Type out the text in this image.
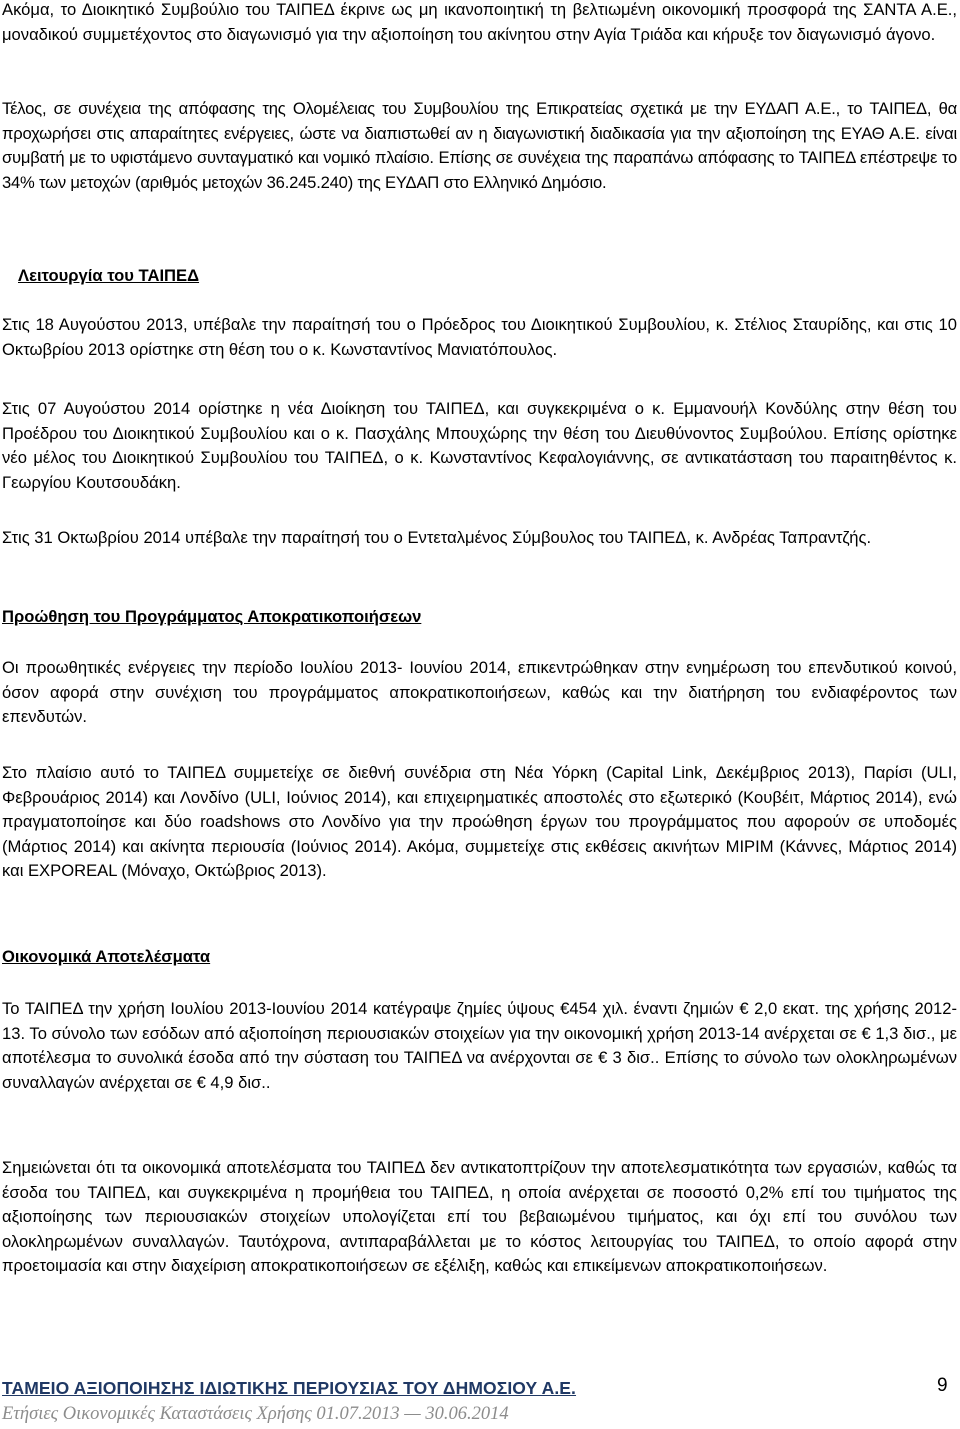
Ακόμα, το Διοικητικό Συμβούλιο του ΤΑΙΠΕΔ έκρινε ως μη ικανοποιητική τη βελτιωμένη οικονομική προσφορά της ΣΑΝΤΑ Α.Ε., μοναδικού συμμετέχοντος στο διαγωνισμό για την αξιοποίηση του ακίνητου στην Αγία Τριάδα και κήρυξε τον διαγωνισμό άγονο.

Τέλος, σε συνέχεια της απόφασης της Ολομέλειας του Συμβουλίου της Επικρατείας σχετικά με την ΕΥΔΑΠ Α.Ε., το ΤΑΙΠΕΔ, θα προχωρήσει στις απαραίτητες ενέργειες, ώστε να διαπιστωθεί αν η διαγωνιστική διαδικασία για την αξιοποίηση της ΕΥΑΘ Α.Ε. είναι συμβατή με το υφιστάμενο συνταγματικό και νομικό πλαίσιο. Επίσης σε συνέχεια της παραπάνω απόφασης το ΤΑΙΠΕΔ επέστρεψε το 34% των μετοχών (αριθμός μετοχών 36.245.240) της ΕΥΔΑΠ στο Ελληνικό Δημόσιο.

Λειτουργία του ΤΑΙΠΕΔ

Στις 18 Αυγούστου 2013, υπέβαλε την παραίτησή του ο Πρόεδρος του Διοικητικού Συμβουλίου, κ. Στέλιος Σταυρίδης, και στις 10 Οκτωβρίου 2013 ορίστηκε στη θέση του ο κ. Κωνσταντίνος Μανιατόπουλος.

Στις 07 Αυγούστου 2014 ορίστηκε η νέα Διοίκηση του ΤΑΙΠΕΔ, και συγκεκριμένα ο κ. Εμμανουήλ Κονδύλης στην θέση του Προέδρου του Διοικητικού Συμβουλίου και ο κ. Πασχάλης Μπουχώρης την θέση του Διευθύνοντος Συμβούλου. Επίσης ορίστηκε νέο μέλος του Διοικητικού Συμβουλίου του ΤΑΙΠΕΔ, ο κ. Κωνσταντίνος Κεφαλογιάννης, σε αντικατάσταση του παραιτηθέντος κ. Γεωργίου Κουτσουδάκη.

Στις 31 Οκτωβρίου 2014 υπέβαλε την παραίτησή του ο Εντεταλμένος Σύμβουλος του ΤΑΙΠΕΔ, κ. Ανδρέας Ταπραντζής.

Προώθηση του Προγράμματος Αποκρατικοποιήσεων

Οι προωθητικές ενέργειες την περίοδο Ιουλίου 2013- Ιουνίου 2014, επικεντρώθηκαν στην ενημέρωση του επενδυτικού κοινού, όσον αφορά στην συνέχιση του προγράμματος αποκρατικοποιήσεων, καθώς και την διατήρηση του ενδιαφέροντος των επενδυτών.

Στο πλαίσιο αυτό το ΤΑΙΠΕΔ συμμετείχε σε διεθνή συνέδρια στη Νέα Υόρκη (Capital Link, Δεκέμβριος 2013), Παρίσι (ULI, Φεβρουάριος 2014) και Λονδίνο (ULI, Ιούνιος 2014), και επιχειρηματικές αποστολές στο εξωτερικό (Κουβέιτ, Μάρτιος 2014), ενώ πραγματοποίησε και δύο roadshows στο Λονδίνο για την προώθηση έργων του προγράμματος που αφορούν σε υποδομές (Μάρτιος 2014) και ακίνητα περιουσία (Ιούνιος 2014). Ακόμα, συμμετείχε στις εκθέσεις ακινήτων MIPIM (Κάννες, Μάρτιος 2014) και EXPOREAL (Μόναχο, Οκτώβριος 2013).

Οικονομικά Αποτελέσματα

Το ΤΑΙΠΕΔ την χρήση Ιουλίου 2013-Ιουνίου 2014 κατέγραψε ζημίες ύψους €454 χιλ. έναντι ζημιών € 2,0 εκατ. της χρήσης 2012-13. Το σύνολο των εσόδων από αξιοποίηση περιουσιακών στοιχείων για την οικονομική χρήση 2013-14 ανέρχεται σε € 1,3 δισ., με αποτέλεσμα το συνολικά έσοδα από την σύσταση του ΤΑΙΠΕΔ να ανέρχονται σε € 3 δισ.. Επίσης το σύνολο των ολοκληρωμένων συναλλαγών ανέρχεται σε € 4,9 δισ..

Σημειώνεται ότι τα οικονομικά αποτελέσματα του ΤΑΙΠΕΔ δεν αντικατοπτρίζουν την αποτελεσματικότητα των εργασιών, καθώς τα έσοδα του ΤΑΙΠΕΔ, και συγκεκριμένα η προμήθεια του ΤΑΙΠΕΔ, η οποία ανέρχεται σε ποσοστό 0,2% επί του τιμήματος της αξιοποίησης των περιουσιακών στοιχείων υπολογίζεται επί του βεβαιωμένου τιμήματος, και όχι επί του συνόλου των ολοκληρωμένων συναλλαγών. Ταυτόχρονα, αντιπαραβάλλεται με το κόστος λειτουργίας του ΤΑΙΠΕΔ, το οποίο αφορά στην προετοιμασία και στην διαχείριση αποκρατικοποιήσεων σε εξέλιξη, καθώς και επικείμενων αποκρατικοποιήσεων.

ΤΑΜΕΙΟ ΑΞΙΟΠΟΙΗΣΗΣ ΙΔΙΩΤΙΚΗΣ ΠΕΡΙΟΥΣΙΑΣ ΤΟΥ ΔΗΜΟΣΙΟΥ Α.Ε.	9

Ετήσιες Οικονομικές Καταστάσεις Χρήσης 01.07.2013 — 30.06.2014
